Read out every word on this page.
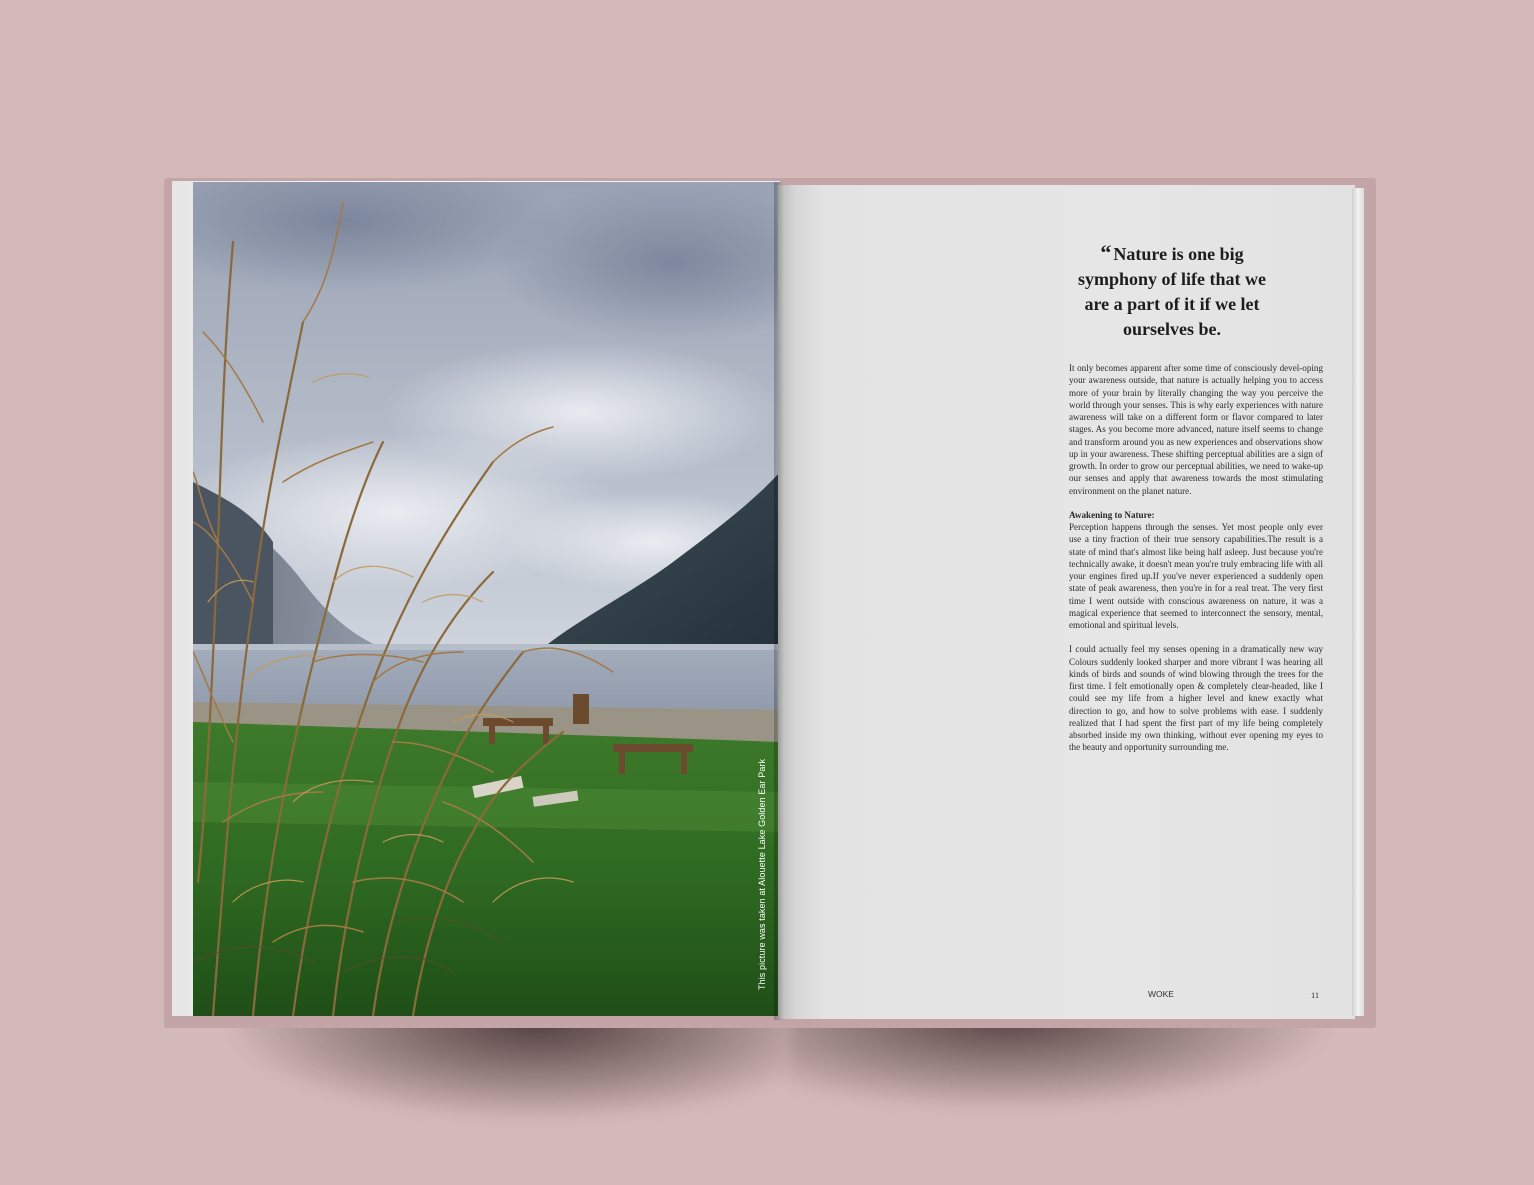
This picture was taken at Alouette Lake Golden Ear Park
“ Nature is one big symphony of life that we are a part of it if we let ourselves be.

It only becomes apparent after some time of consciously devel-oping your awareness outside, that nature is actually helping you to access more of your brain by literally changing the way you perceive the world through your senses. This is why early experiences with nature awareness will take on a different form or flavor compared to later stages. As you become more advanced, nature itself seems to change and transform around you as new experiences and observations show up in your awareness. These shifting perceptual abilities are a sign of growth. In order to grow our perceptual abilities, we need to wake-up our senses and apply that awareness towards the most stimulating environment on the planet nature.

Awakening to Nature:
Perception happens through the senses. Yet most people only ever use a tiny fraction of their true sensory capabilities.The result is a state of mind that's almost like being half asleep. Just because you're technically awake, it doesn't mean you're truly embracing life with all your engines fired up.If you've never experienced a suddenly open state of peak awareness, then you're in for a real treat. The very first time I went outside with conscious awareness on nature, it was a magical experience that seemed to interconnect the sensory, mental, emotional and spiritual levels.

I could actually feel my senses opening in a dramatically new way Colours suddenly looked sharper and more vibrant I was hearing all kinds of birds and sounds of wind blowing through the trees for the first time. I felt emotionally open & completely clear-headed, like I could see my life from a higher level and knew exactly what direction to go, and how to solve problems with ease. I suddenly realized that I had spent the first part of my life being completely absorbed inside my own thinking, without ever opening my eyes to the beauty and opportunity surrounding me.

WOKE	11
